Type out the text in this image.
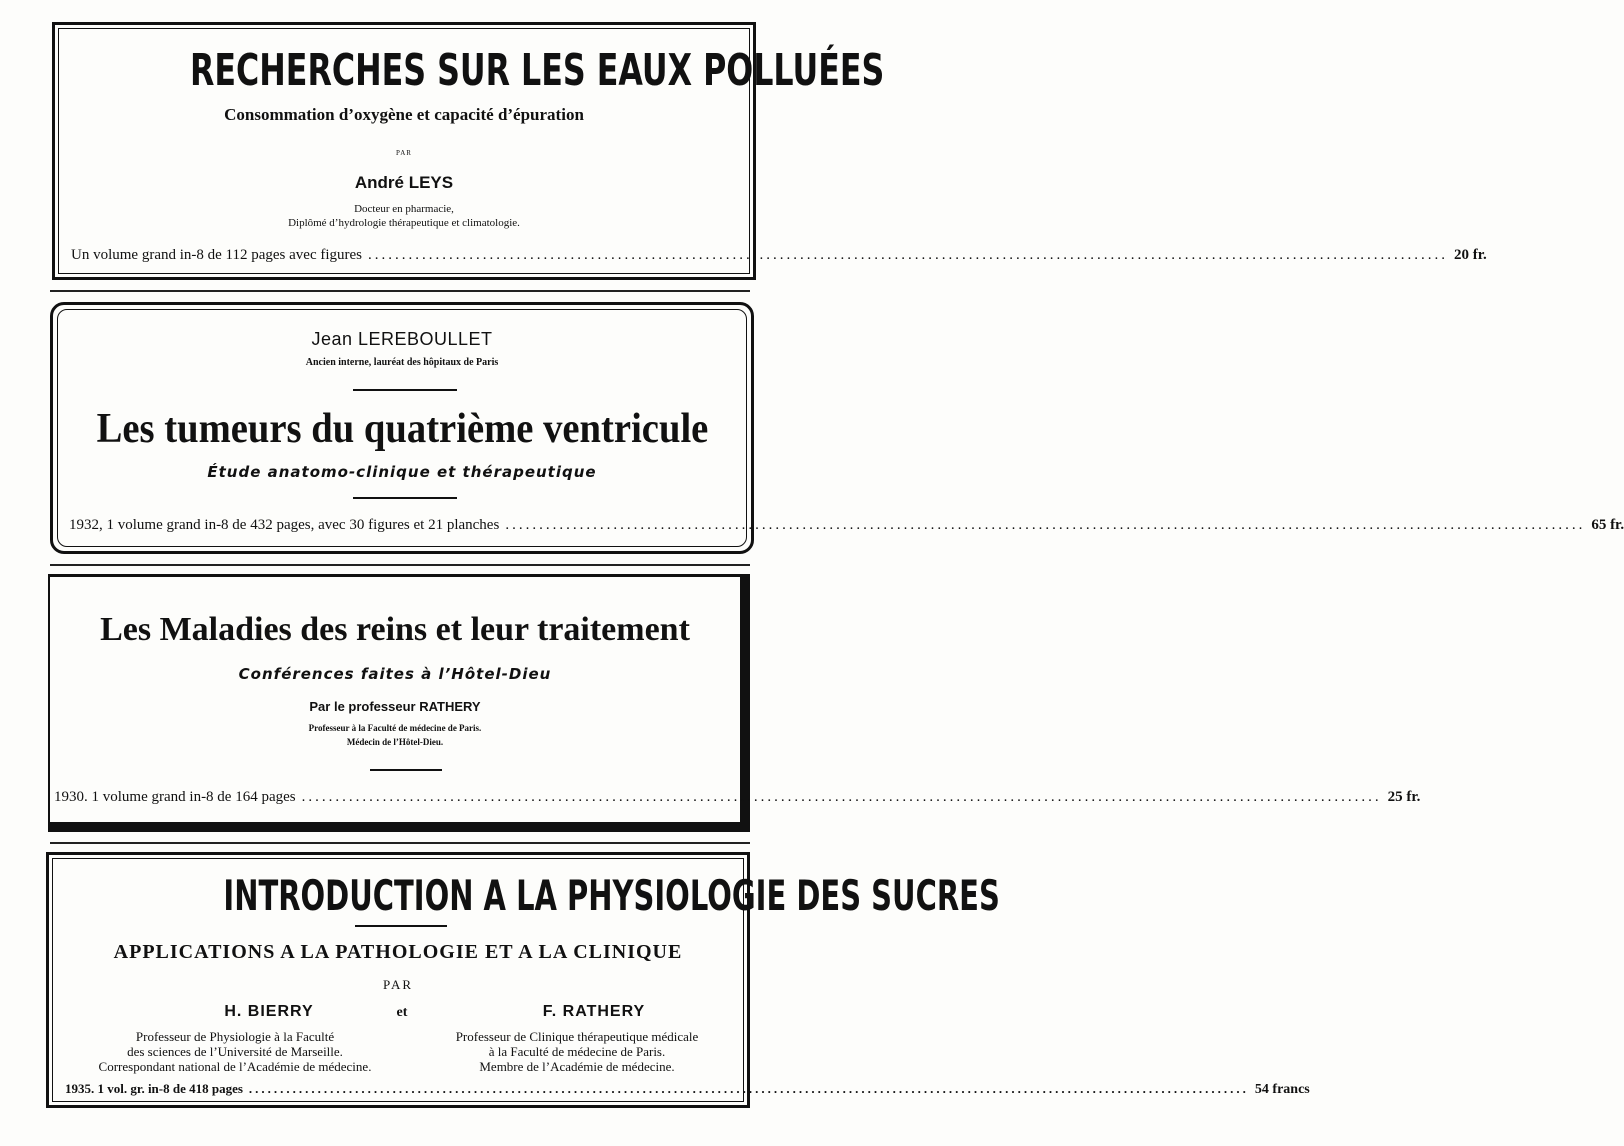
RECHERCHES SUR LES EAUX POLLUÉES
Consommation d’oxygène et capacité d’épuration
PAR
André LEYS
Docteur en pharmacie,
Diplômé d’hydrologie thérapeutique et climatologie.
Un volume grand in-8 de 112 pages avec figures .....	20 fr.
Jean LEREBOULLET
Ancien interne, lauréat des hôpitaux de Paris
Les tumeurs du quatrième ventricule
Étude anatomo-clinique et thérapeutique
1932, 1 volume grand in-8 de 432 pages, avec 30 figures et 21 planches .....	65 fr.
Les Maladies des reins et leur traitement
Conférences faites à l’Hôtel-Dieu
Par le professeur RATHERY
Professeur à la Faculté de médecine de Paris.
Médecin de l’Hôtel-Dieu.
1930. 1 volume grand in-8 de 164 pages .....	25 fr.
INTRODUCTION A LA PHYSIOLOGIE DES SUCRES
APPLICATIONS A LA PATHOLOGIE ET A LA CLINIQUE
PAR
H. BIERRY	et	F. RATHERY
Professeur de Physiologie à la Faculté
des sciences de l’Université de Marseille.
Correspondant national de l’Académie de médecine.
Professeur de Clinique thérapeutique médicale
à la Faculté de médecine de Paris.
Membre de l’Académie de médecine.
1935. 1 vol. gr. in-8 de 418 pages .....	54 francs
